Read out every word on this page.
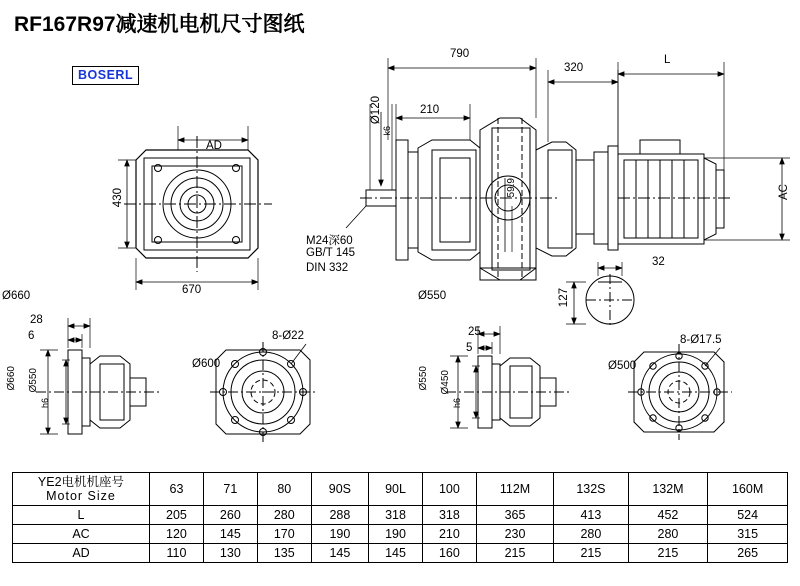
RF167R97减速机电机尺寸图纸
BOSERL
AD
430
670
790
210
Ø120
k6
M24深60
GB/T 145
DIN 332
59.9
320
L
AC
32
127
Ø660	Ø550
28
6
Ø660 Ø550
h6
Ø600
8-Ø22	25
5
Ø550 Ø450
h6
Ø500
8-Ø17.5
YE2电机机座号
Motor Size	63	71	80	90S	90L	100	112M	132S	132M	160M
L	205	260	280	288	318	318	365	413	452	524
AC	120	145	170	190	190	210	230	280	280	315
AD	110	130	135	145	145	160	215	215	215	265
